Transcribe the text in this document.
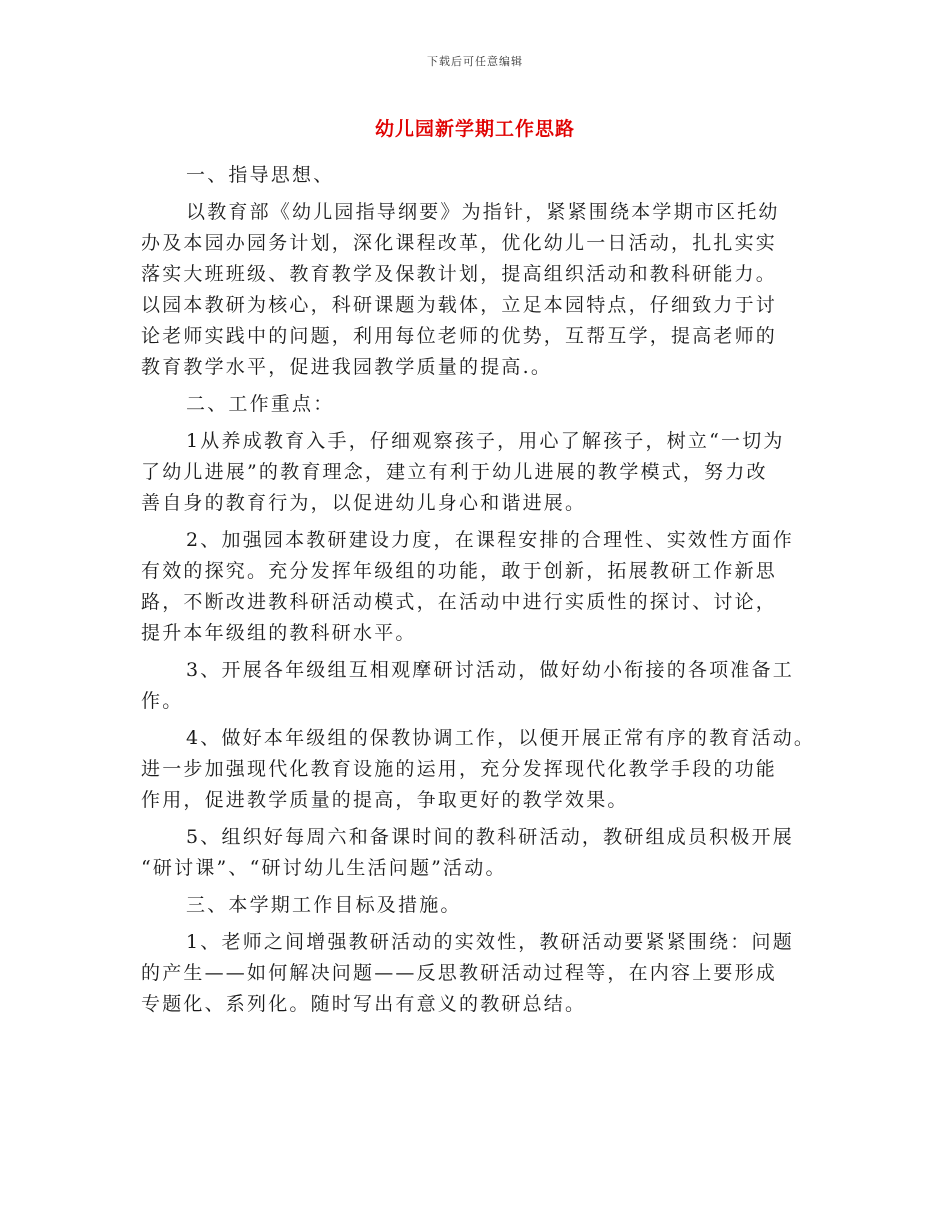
下载后可任意编辑
幼儿园新学期工作思路
一、指导思想、
以教育部《幼儿园指导纲要》为指针，紧紧围绕本学期市区托幼
办及本园办园务计划，深化课程改革，优化幼儿一日活动，扎扎实实
落实大班班级、教育教学及保教计划，提高组织活动和教科研能力。
以园本教研为核心，科研课题为载体，立足本园特点，仔细致力于讨
论老师实践中的问题，利用每位老师的优势，互帮互学，提高老师的
教育教学水平，促进我园教学质量的提高.。
二、工作重点：
1从养成教育入手，仔细观察孩子，用心了解孩子，树立“一切为
了幼儿进展”的教育理念，建立有利于幼儿进展的教学模式，努力改
善自身的教育行为，以促进幼儿身心和谐进展。
2、加强园本教研建设力度，在课程安排的合理性、实效性方面作
有效的探究。充分发挥年级组的功能，敢于创新，拓展教研工作新思
路，不断改进教科研活动模式，在活动中进行实质性的探讨、讨论，
提升本年级组的教科研水平。
3、开展各年级组互相观摩研讨活动，做好幼小衔接的各项准备工
作。
4、做好本年级组的保教协调工作，以便开展正常有序的教育活动。
进一步加强现代化教育设施的运用，充分发挥现代化教学手段的功能
作用，促进教学质量的提高，争取更好的教学效果。
5、组织好每周六和备课时间的教科研活动，教研组成员积极开展
“研讨课”、“研讨幼儿生活问题”活动。
三、本学期工作目标及措施。
1、老师之间增强教研活动的实效性，教研活动要紧紧围绕：问题
的产生——如何解决问题——反思教研活动过程等，在内容上要形成
专题化、系列化。随时写出有意义的教研总结。
